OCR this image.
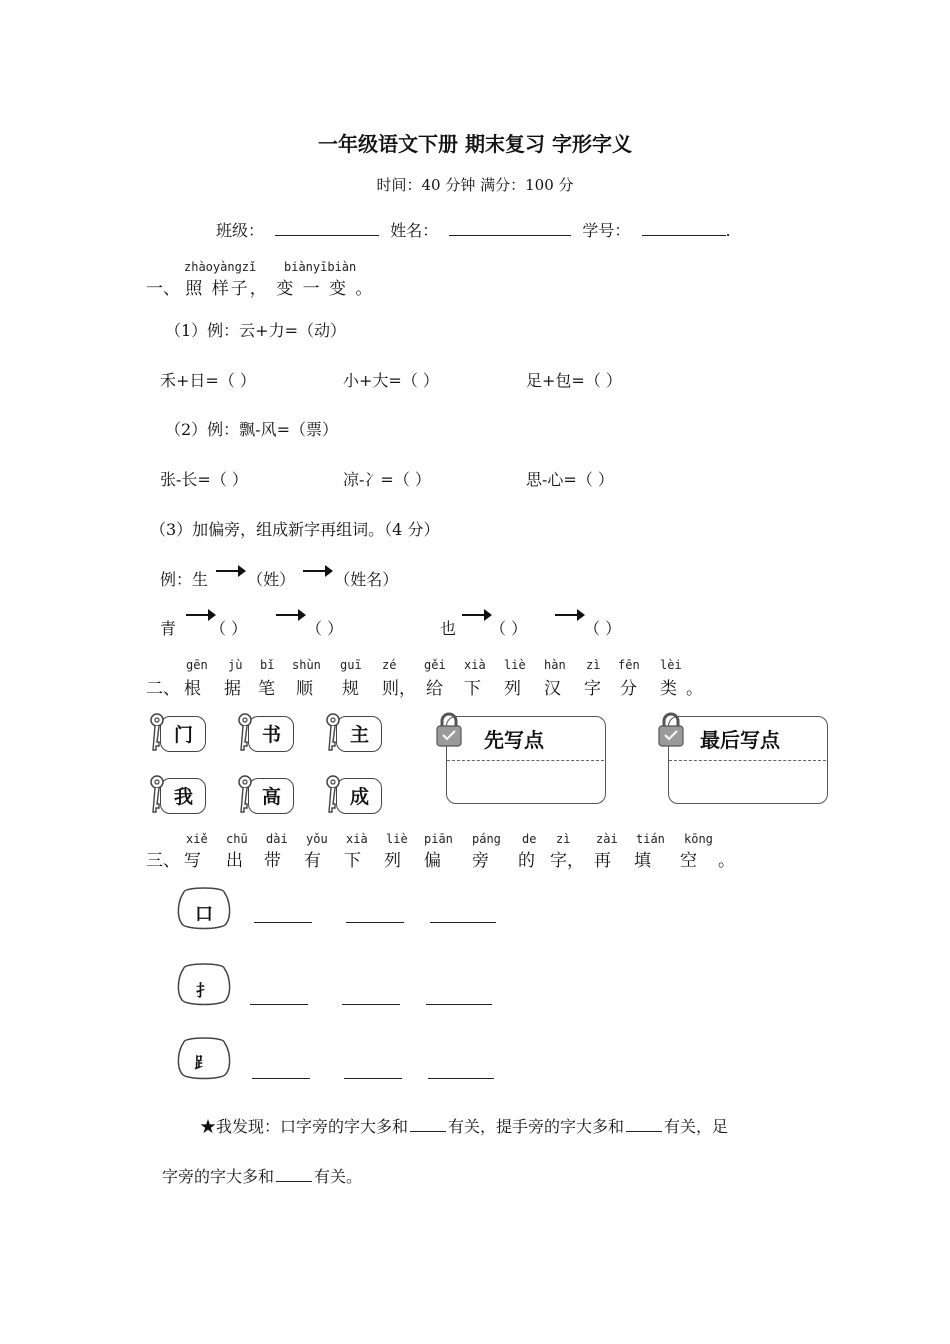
一年级语文下册 期末复习 字形字义
时间：40 分钟 满分：100 分
班级：	姓名：	学号：	.
zhàoyàngzǐ biànyībiàn
一、 照 样子， 变 一 变 。
（1）例：云+力=（动）
禾+日=（ ）	小+大=（ ）	足+包=（ ）
（2）例：飘-风=（票）
张-长=（ ）	凉-冫=（ ）	思-心=（ ）
（3）加偏旁，组成新字再组词。（4 分）
例：生 （姓） （姓名）
青 （ ）	（ ）	也 （ ）	（ ）
gēn jù bǐ shùn guī zé gěi xià liè hàn zì fēn lèi
二、 根 据 笔 顺 规 则， 给 下 列 汉 字 分 类 。
门	书	主
我	高	成
先写点	最后写点
xiě chū dài yǒu xià liè piān páng de zì zài tián kōng
三、 写 出 带 有 下 列 偏 旁 的 字， 再 填 空 。
口
扌
⻊
★我发现：口字旁的字大多和	有关，提手旁的字大多和	有关，足
字旁的字大多和	有关。
